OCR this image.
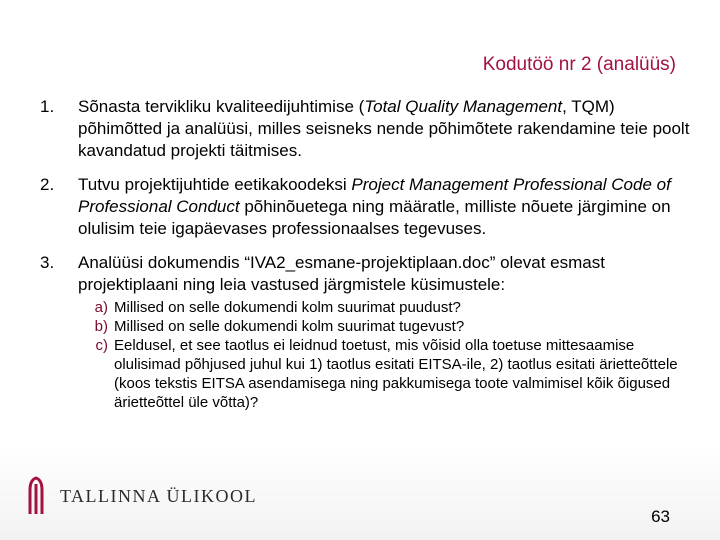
Kodutöö nr 2 (analüüs)
1.	Sõnasta tervikliku kvaliteedijuhtimise (Total Quality Management, TQM) põhimõtted ja analüüsi, milles seisneks nende põhimõtete rakendamine teie poolt kavandatud projekti täitmises.
2.	Tutvu projektijuhtide eetikakoodeksi Project Management Professional Code of Professional Conduct põhinõuetega ning määratle, milliste nõuete järgimine on olulisim teie igapäevases professionaalses tegevuses.
3.	Analüüsi dokumendis “IVA2_esmane-projektiplaan.doc” olevat esmast projektiplaani ning leia vastused järgmistele küsimustele:
a) Millised on selle dokumendi kolm suurimat puudust?
b) Millised on selle dokumendi kolm suurimat tugevust?
c) Eeldusel, et see taotlus ei leidnud toetust, mis võisid olla toetuse mittesaamise olulisimad põhjused juhul kui 1) taotlus esitati EITSA-ile, 2) taotlus esitati ärietteõttele (koos tekstis EITSA asendamisega ning pakkumisega toote valmimisel kõik õigused ärietteõttel üle võtta)?
TALLINNA ÜLIKOOL
63
